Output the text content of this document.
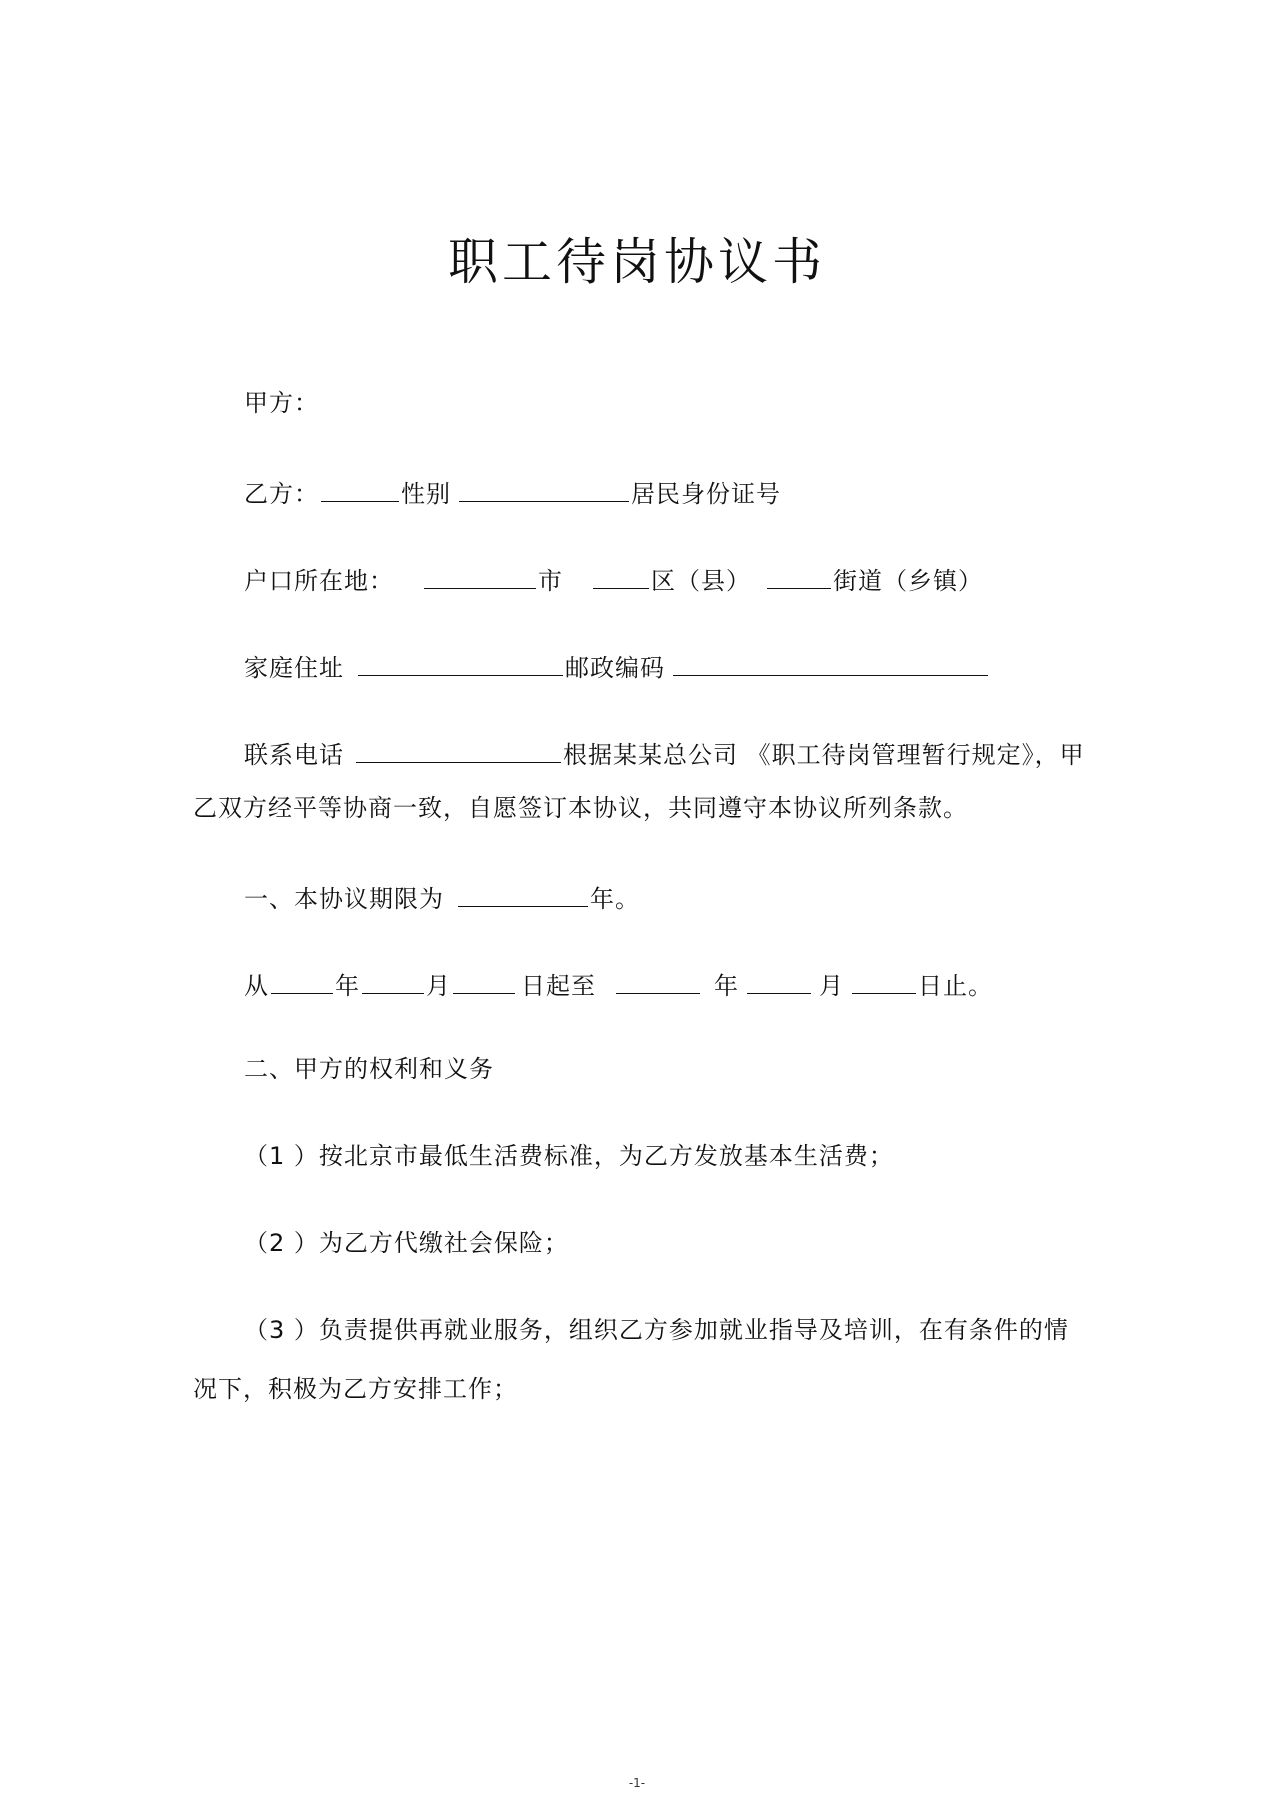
职工待岗协议书
甲方：
乙方：	性别	居民身份证号
户口所在地：	市	区（县）	街道（乡镇）
家庭住址	邮政编码
联系电话	根据某某总公司 《职工待岗管理暂行规定》，甲
乙双方经平等协商一致，自愿签订本协议，共同遵守本协议所列条款。
一、本协议期限为	年。
从	年	月	日起至	年	月	日止。
二、甲方的权利和义务
（1 ）按北京市最低生活费标准，为乙方发放基本生活费；
（2 ）为乙方代缴社会保险；
（3 ）负责提供再就业服务，组织乙方参加就业指导及培训，在有条件的情
况下，积极为乙方安排工作；
-1-
